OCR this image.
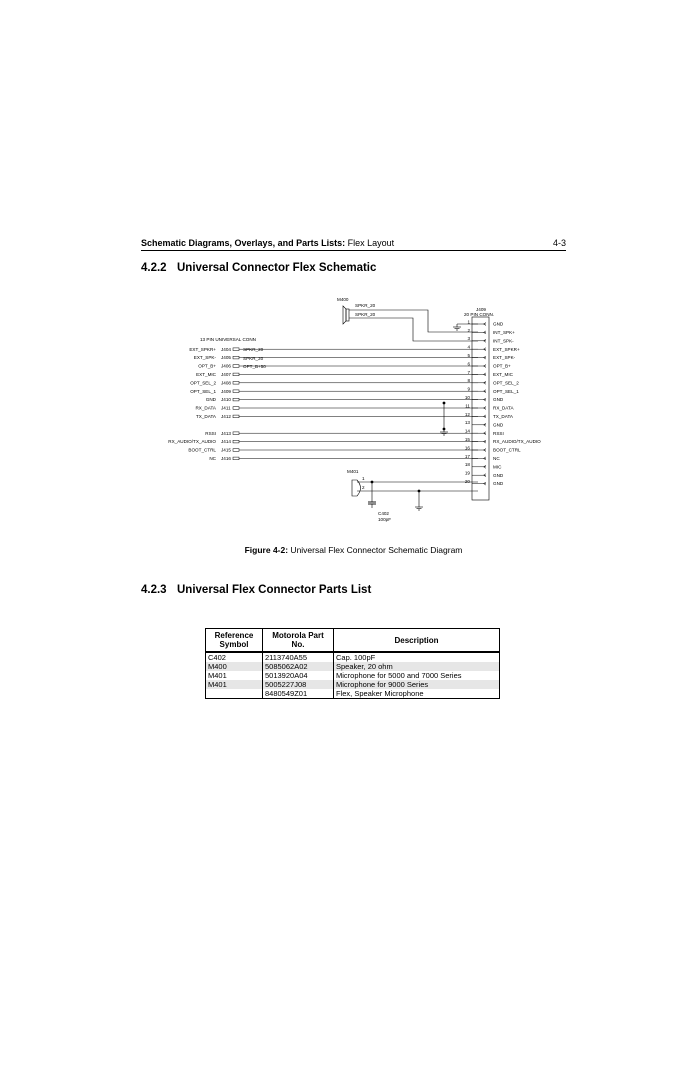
Schematic Diagrams, Overlays, and Parts Lists: Flex Layout	4-3
4.2.2 Universal Connector Flex Schematic
M400
SPKR_20
SPKR_20
J409
20 PIN CONN.
13 PIN UNIVERSAL CONN
SPKR_20
SPKR_20
OPT_B+50
M401
1
2
C402
100pF
EXT_SPKR+ J404
EXT_SPK- J405
OPT_B+ J406
EXT_MIC J407
OPT_SEL_2 J408
OPT_SEL_1 J409
GND J410
RX_DATA J411
TX_DATA J412
RSSI J413
RX_AUDIO/TX_AUDIO J414
BOOT_CTRL J415
NC J416
1	GND
2	INT_SPK+
3	INT_SPK-
4	EXT_SPKR+
5	EXT_SPK-
6	OPT_B+
7	EXT_MIC
8	OPT_SEL_2
9	OPT_SEL_1
10	GND
11	RX_DATA
12	TX_DATA
13	GND
14	RSSI
15	RX_AUDIO/TX_AUDIO
16	BOOT_CTRL
17	NC
18	MIC
19	GND
20	GND
Figure 4-2: Universal Flex Connector Schematic Diagram
4.2.3 Universal Flex Connector Parts List
Reference Symbol	Motorola Part No.	Description
C402	2113740A55	Cap. 100pF
M400	5085062A02	Speaker, 20 ohm
M401	5013920A04	Microphone for 5000 and 7000 Series
M401	5005227J08	Microphone for 9000 Series
	8480549Z01	Flex, Speaker Microphone
